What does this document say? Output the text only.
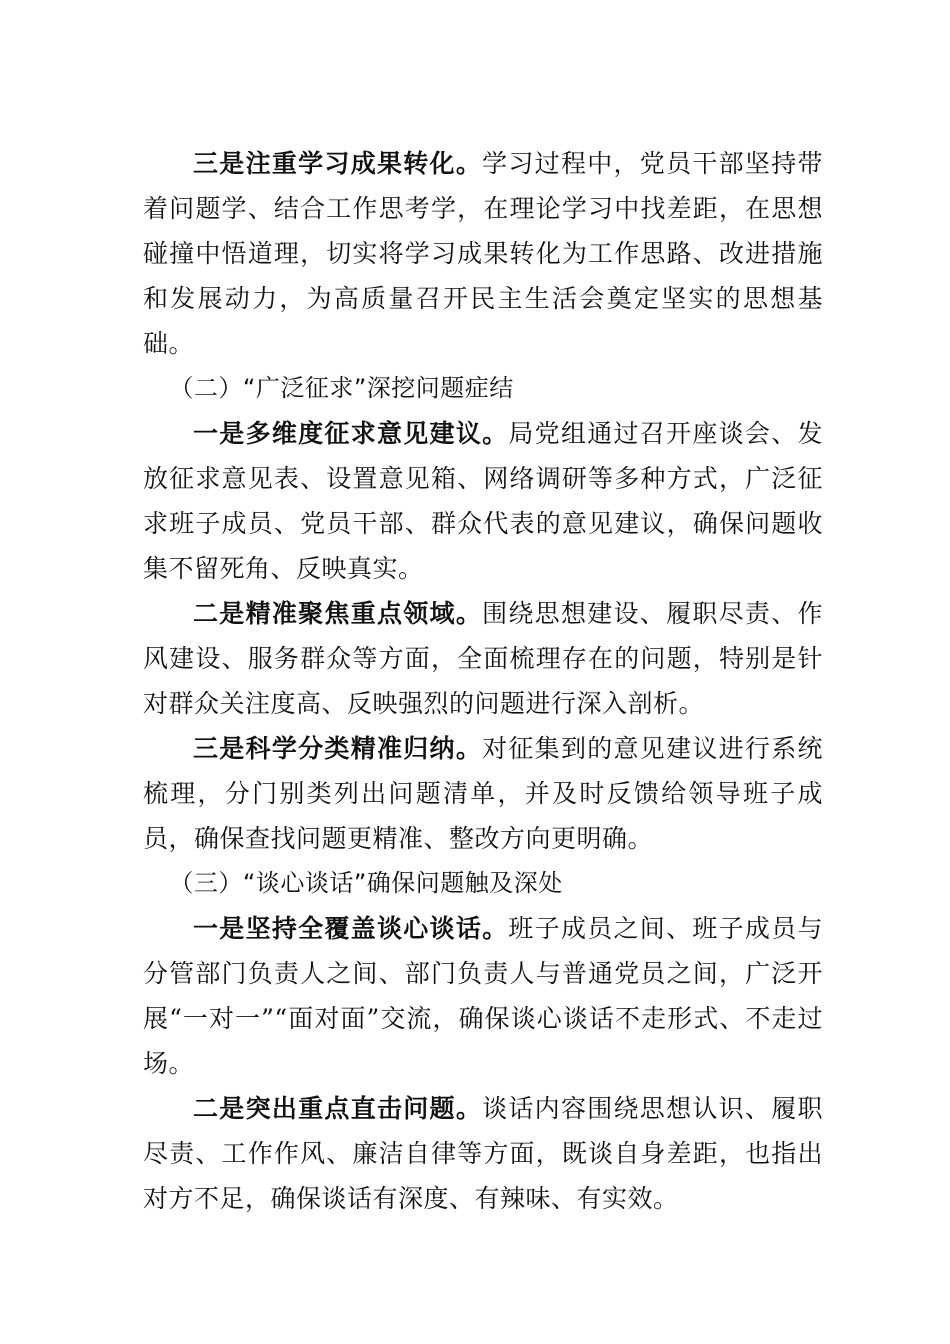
三是注重学习成果转化。学习过程中，党员干部坚持带着问题学、结合工作思考学，在理论学习中找差距，在思想碰撞中悟道理，切实将学习成果转化为工作思路、改进措施和发展动力，为高质量召开民主生活会奠定坚实的思想基础。

（二）“广泛征求”深挖问题症结

一是多维度征求意见建议。局党组通过召开座谈会、发放征求意见表、设置意见箱、网络调研等多种方式，广泛征求班子成员、党员干部、群众代表的意见建议，确保问题收集不留死角、反映真实。

二是精准聚焦重点领域。围绕思想建设、履职尽责、作风建设、服务群众等方面，全面梳理存在的问题，特别是针对群众关注度高、反映强烈的问题进行深入剖析。

三是科学分类精准归纳。对征集到的意见建议进行系统梳理，分门别类列出问题清单，并及时反馈给领导班子成员，确保查找问题更精准、整改方向更明确。

（三）“谈心谈话”确保问题触及深处

一是坚持全覆盖谈心谈话。班子成员之间、班子成员与分管部门负责人之间、部门负责人与普通党员之间，广泛开展“一对一”“面对面”交流，确保谈心谈话不走形式、不走过场。

二是突出重点直击问题。谈话内容围绕思想认识、履职尽责、工作作风、廉洁自律等方面，既谈自身差距，也指出对方不足，确保谈话有深度、有辣味、有实效。
